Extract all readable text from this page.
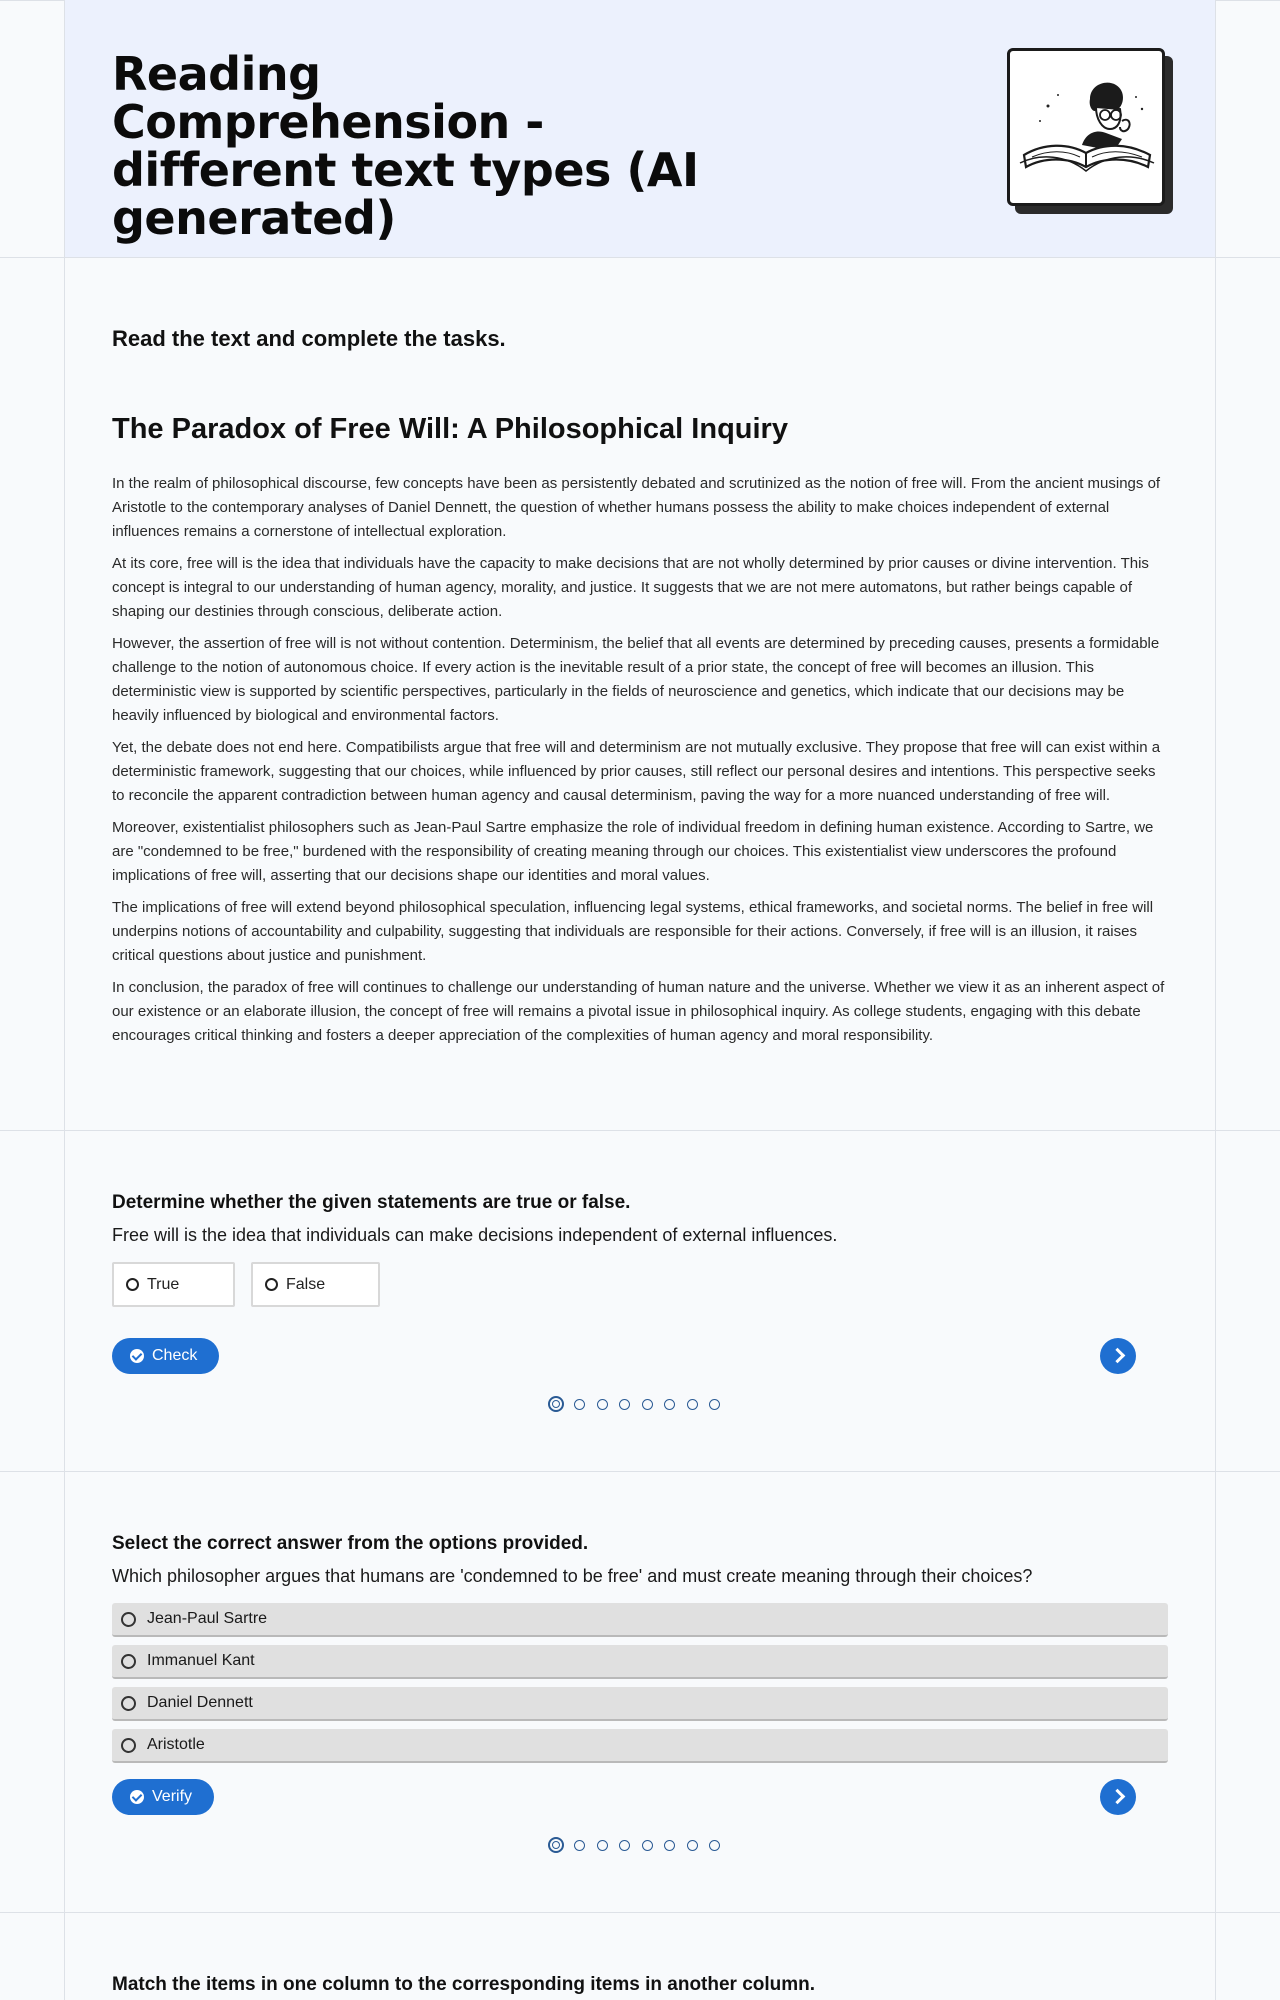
Reading Comprehension - different text types (AI generated)
Read the text and complete the tasks.
The Paradox of Free Will: A Philosophical Inquiry

In the realm of philosophical discourse, few concepts have been as persistently debated and scrutinized as the notion of free will. From the ancient musings of Aristotle to the contemporary analyses of Daniel Dennett, the question of whether humans possess the ability to make choices independent of external influences remains a cornerstone of intellectual exploration.

At its core, free will is the idea that individuals have the capacity to make decisions that are not wholly determined by prior causes or divine intervention. This concept is integral to our understanding of human agency, morality, and justice. It suggests that we are not mere automatons, but rather beings capable of shaping our destinies through conscious, deliberate action.

However, the assertion of free will is not without contention. Determinism, the belief that all events are determined by preceding causes, presents a formidable challenge to the notion of autonomous choice. If every action is the inevitable result of a prior state, the concept of free will becomes an illusion. This deterministic view is supported by scientific perspectives, particularly in the fields of neuroscience and genetics, which indicate that our decisions may be heavily influenced by biological and environmental factors.

Yet, the debate does not end here. Compatibilists argue that free will and determinism are not mutually exclusive. They propose that free will can exist within a deterministic framework, suggesting that our choices, while influenced by prior causes, still reflect our personal desires and intentions. This perspective seeks to reconcile the apparent contradiction between human agency and causal determinism, paving the way for a more nuanced understanding of free will.

Moreover, existentialist philosophers such as Jean-Paul Sartre emphasize the role of individual freedom in defining human existence. According to Sartre, we are "condemned to be free," burdened with the responsibility of creating meaning through our choices. This existentialist view underscores the profound implications of free will, asserting that our decisions shape our identities and moral values.

The implications of free will extend beyond philosophical speculation, influencing legal systems, ethical frameworks, and societal norms. The belief in free will underpins notions of accountability and culpability, suggesting that individuals are responsible for their actions. Conversely, if free will is an illusion, it raises critical questions about justice and punishment.

In conclusion, the paradox of free will continues to challenge our understanding of human nature and the universe. Whether we view it as an inherent aspect of our existence or an elaborate illusion, the concept of free will remains a pivotal issue in philosophical inquiry. As college students, engaging with this debate encourages critical thinking and fosters a deeper appreciation of the complexities of human agency and moral responsibility.

Determine whether the given statements are true or false.

Free will is the idea that individuals can make decisions independent of external influences.

True	False
Check
Select the correct answer from the options provided.

Which philosopher argues that humans are 'condemned to be free' and must create meaning through their choices?

Jean-Paul Sartre
Immanuel Kant
Daniel Dennett
Aristotle
Verify
Match the items in one column to the corresponding items in another column.
